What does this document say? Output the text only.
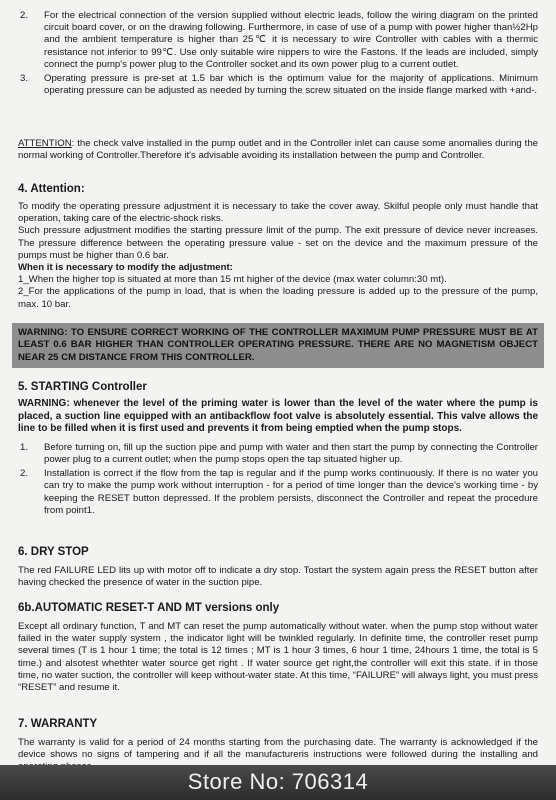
2. For the electrical connection of the version supplied without electric leads, follow the wiring diagram on the printed circuit board cover, or on the drawing following. Furthermore, in case of use of a pump with power higher than½2Hp and the ambient temperature is higher than 25℃ it is necessary to wire Controller with cables with a thermic resistance not inferior to 99℃. Use only suitable wire nippers to wire the Fastons. If the leads are included, simply connect the pump's power plug to the Controller socket and its own power plug to a current outlet.
3. Operating pressure is pre-set at 1.5 bar which is the optimum value for the majority of applications. Minimum operating pressure can be adjusted as needed by turning the screw situated on the inside flange marked with +and-.

ATTENTION: the check valve installed in the pump outlet and in the Controller inlet can cause some anomalies during the normal working of Controller.Therefore it's advisable avoiding its installation between the pump and Controller.

4. Attention:

To modify the operating pressure adjustment it is necessary to take the cover away. Skilful people only must handle that operation, taking care of the electric-shock risks.

Such pressure adjustment modifies the starting pressure limit of the pump. The exit pressure of device never increases. The pressure difference between the operating pressure value - set on the device and the maximum pressure of the pumps must be higher than 0.6 bar.

When it is necessary to modify the adjustment:

1_When the higher top is situated at more than 15 mt higher of the device (max water column:30 mt).

2_For the applications of the pump in load, that is when the loading pressure is added up to the pressure of the pump, max. 10 bar.

WARNING: TO ENSURE CORRECT WORKING OF THE CONTROLLER MAXIMUM PUMP PRESSURE MUST BE AT LEAST 0.6 BAR HIGHER THAN CONTROLLER OPERATING PRESSURE. THERE ARE NO MAGNETISM OBJECT NEAR 25 CM DISTANCE FROM THIS CONTROLLER.
5. STARTING Controller

WARNING: whenever the level of the priming water is lower than the level of the water where the pump is placed, a suction line equipped with an antibackflow foot valve is absolutely essential. This valve allows the line to be filled when it is first used and prevents it from being emptied when the pump stops.

1. Before turning on, fill up the suction pipe and pump with water and then start the pump by connecting the Controller power plug to a current outlet; when the pump stops open the tap situated higher up.
2. Installation is correct if the flow from the tap is regular and if the pump works continuously. If there is no water you can try to make the pump work without interruption - for a period of time longer than the device's working time - by keeping the RESET button depressed. If the problem persists, disconnect the Controller and repeat the procedure from point1.
6. DRY STOP

The red FAILURE LED lits up with motor off to indicate a dry stop. Tostart the system again press the RESET button after having checked the presence of water in the suction pipe.

6b.AUTOMATIC RESET-T AND MT versions only

Except all ordinary function, T and MT can reset the pump automatically without water. when the pump stop without water failed in the water supply system , the indicator light will be twinkled regularly. In definite time, the controller reset pump several times (T is 1 hour 1 time; the total is 12 times ; MT is 1 hour 3 times, 6 hour 1 time, 24hours 1 time, the total is 5 time.) and alsotest whethter water source get right . If water source get right,the controller will exit this state. if in those time, no water suction, the controller will keep without-water state. At this time, “FAILURE” will always light, you must press “RESET” and resume it.

7. WARRANTY

The warranty is valid for a period of 24 months starting from the purchasing date. The warranty is acknowledged if the device shows no signs of tampering and if all the manufactureris instructions were followed during the installing and

Store No: 706314
